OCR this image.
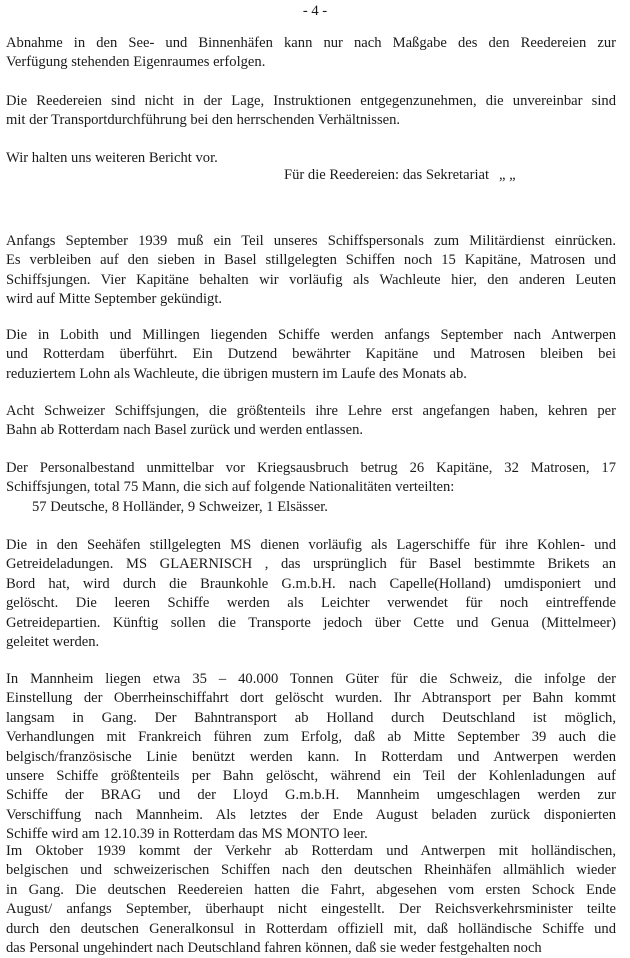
- 4 -
Abnahme in den See- und Binnenhäfen kann nur nach Maßgabe des den Reedereien zur
Verfügung stehenden Eigenraumes erfolgen.
Die Reedereien sind nicht in der Lage, Instruktionen entgegenzunehmen, die unvereinbar sind
mit der Transportdurchführung bei den herrschenden Verhältnissen.
Wir halten uns weiteren Bericht vor.
Für die Reedereien: das Sekretariat „ „
Anfangs September 1939 muß ein Teil unseres Schiffspersonals zum Militärdienst einrücken.
Es verbleiben auf den sieben in Basel stillgelegten Schiffen noch 15 Kapitäne, Matrosen und
Schiffsjungen. Vier Kapitäne behalten wir vorläufig als Wachleute hier, den anderen Leuten
wird auf Mitte September gekündigt.
Die in Lobith und Millingen liegenden Schiffe werden anfangs September nach Antwerpen
und Rotterdam überführt. Ein Dutzend bewährter Kapitäne und Matrosen bleiben bei
reduziertem Lohn als Wachleute, die übrigen mustern im Laufe des Monats ab.
Acht Schweizer Schiffsjungen, die größtenteils ihre Lehre erst angefangen haben, kehren per
Bahn ab Rotterdam nach Basel zurück und werden entlassen.
Der Personalbestand unmittelbar vor Kriegsausbruch betrug 26 Kapitäne, 32 Matrosen, 17
Schiffsjungen, total 75 Mann, die sich auf folgende Nationalitäten verteilten:
57 Deutsche, 8 Holländer, 9 Schweizer, 1 Elsässer.
Die in den Seehäfen stillgelegten MS dienen vorläufig als Lagerschiffe für ihre Kohlen- und
Getreideladungen. MS GLAERNISCH , das ursprünglich für Basel bestimmte Brikets an
Bord hat, wird durch die Braunkohle G.m.b.H. nach Capelle(Holland) umdisponiert und
gelöscht. Die leeren Schiffe werden als Leichter verwendet für noch eintreffende
Getreidepartien. Künftig sollen die Transporte jedoch über Cette und Genua (Mittelmeer)
geleitet werden.
In Mannheim liegen etwa 35 – 40.000 Tonnen Güter für die Schweiz, die infolge der
Einstellung der Oberrheinschiffahrt dort gelöscht wurden. Ihr Abtransport per Bahn kommt
langsam in Gang. Der Bahntransport ab Holland durch Deutschland ist möglich,
Verhandlungen mit Frankreich führen zum Erfolg, daß ab Mitte September 39 auch die
belgisch/französische Linie benützt werden kann. In Rotterdam und Antwerpen werden
unsere Schiffe größtenteils per Bahn gelöscht, während ein Teil der Kohlenladungen auf
Schiffe der BRAG und der Lloyd G.m.b.H. Mannheim umgeschlagen werden zur
Verschiffung nach Mannheim. Als letztes der Ende August beladen zurück disponierten
Schiffe wird am 12.10.39 in Rotterdam das MS MONTO leer.
Im Oktober 1939 kommt der Verkehr ab Rotterdam und Antwerpen mit holländischen,
belgischen und schweizerischen Schiffen nach den deutschen Rheinhäfen allmählich wieder
in Gang. Die deutschen Reedereien hatten die Fahrt, abgesehen vom ersten Schock Ende
August/ anfangs September, überhaupt nicht eingestellt. Der Reichsverkehrsminister teilte
durch den deutschen Generalkonsul in Rotterdam offiziell mit, daß holländische Schiffe und
das Personal ungehindert nach Deutschland fahren können, daß sie weder festgehalten noch
